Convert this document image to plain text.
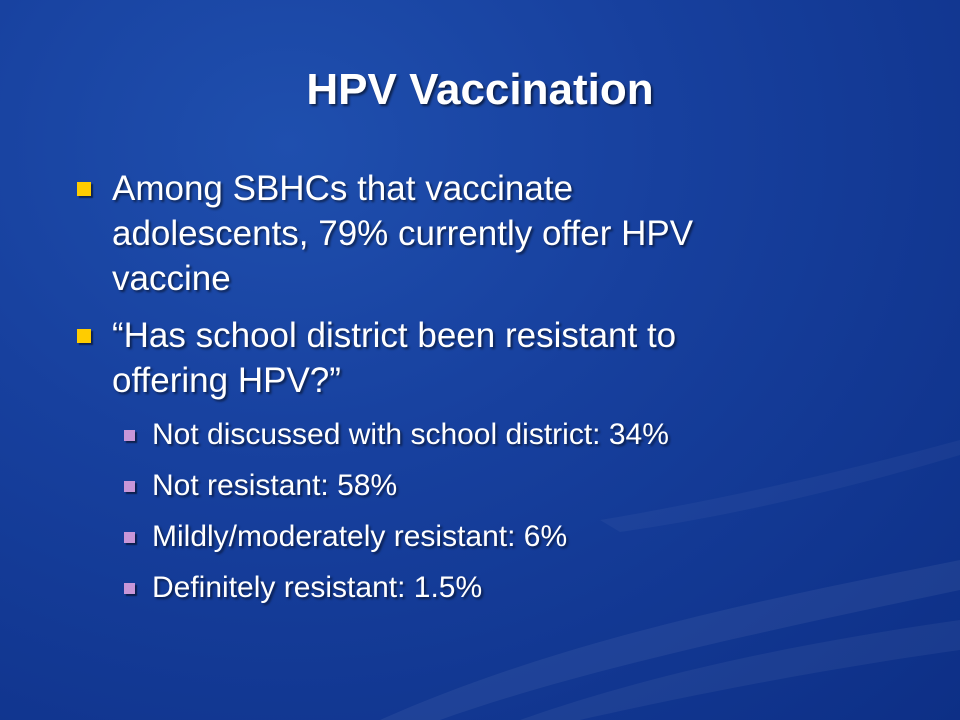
HPV Vaccination
Among SBHCs that vaccinate
adolescents, 79% currently offer HPV
vaccine
“Has school district been resistant to
offering HPV?”
Not discussed with school district: 34%
Not resistant: 58%
Mildly/moderately resistant: 6%
Definitely resistant: 1.5%
